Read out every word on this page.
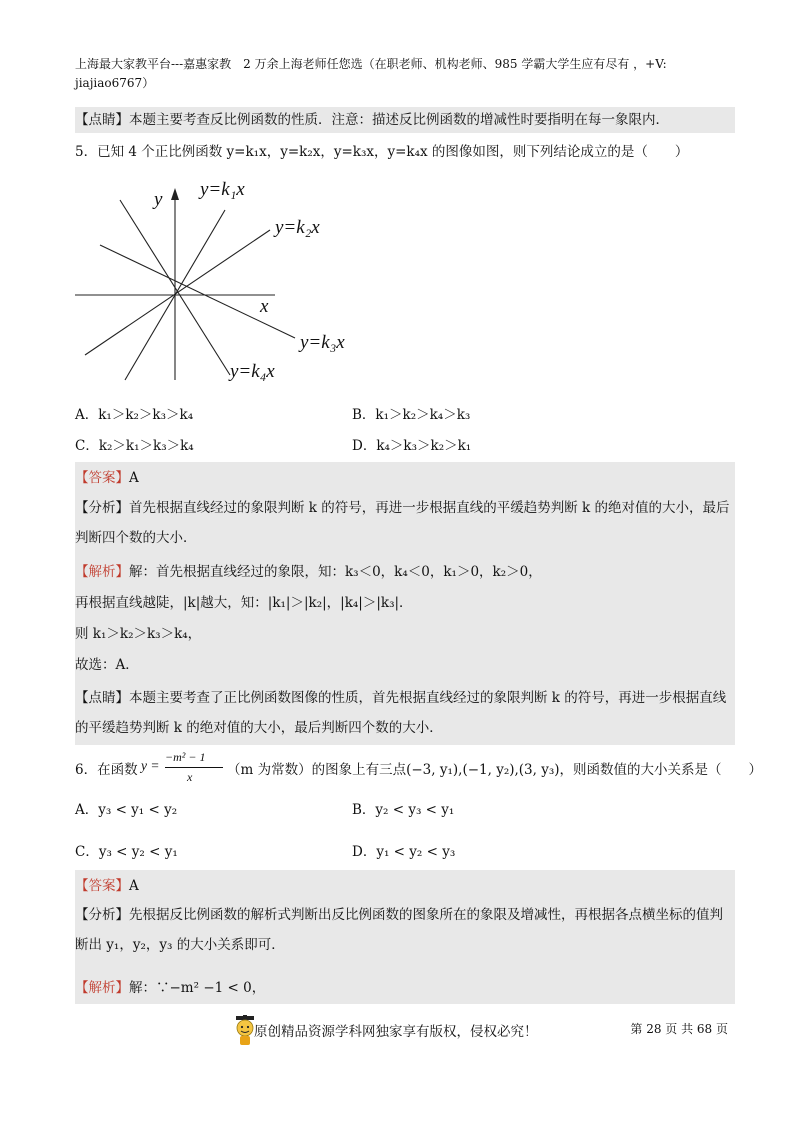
上海最大家教平台---嘉惠家教　2 万余上海老师任您选（在职老师、机构老师、985 学霸大学生应有尽有 ，+V:
jiajiao6767）
【点睛】本题主要考查反比例函数的性质．注意：描述反比例函数的增减性时要指明在每一象限内．
5．已知 4 个正比例函数 y=k₁x，y=k₂x，y=k₃x，y=k₄x 的图像如图，则下列结论成立的是（　　）
y
x
y=k₁x
y=k₂x
y=k₃x
y=k₄x
A．k₁＞k₂＞k₃＞k₄	B．k₁＞k₂＞k₄＞k₃
C．k₂＞k₁＞k₃＞k₄	D．k₄＞k₃＞k₂＞k₁
【答案】A
【分析】首先根据直线经过的象限判断 k 的符号，再进一步根据直线的平缓趋势判断 k 的绝对值的大小，最后判断四个数的大小．
【解析】解：首先根据直线经过的象限，知：k₃＜0，k₄＜0，k₁＞0，k₂＞0，
再根据直线越陡，|k|越大，知：|k₁|＞|k₂|，|k₄|＞|k₃|．
则 k₁＞k₂＞k₃＞k₄，
故选：A．
【点睛】本题主要考查了正比例函数图像的性质，首先根据直线经过的象限判断 k 的符号，再进一步根据直线的平缓趋势判断 k 的绝对值的大小，最后判断四个数的大小．
6．在函数 y =
−m² − 1
x	（m 为常数）的图象上有三点(−3, y₁),(−1, y₂),(3, y₃)，则函数值的大小关系是（　　）
A．y₃ < y₁ < y₂	B．y₂ < y₃ < y₁
C．y₃ < y₂ < y₁	D．y₁ < y₂ < y₃
【答案】A
【分析】先根据反比例函数的解析式判断出反比例函数的图象所在的象限及增减性，再根据各点横坐标的值判断出 y₁，y₂，y₃ 的大小关系即可．
【解析】解：∵−m² −1 < 0，
原创精品资源学科网独家享有版权，侵权必究！	第 28 页 共 68 页
